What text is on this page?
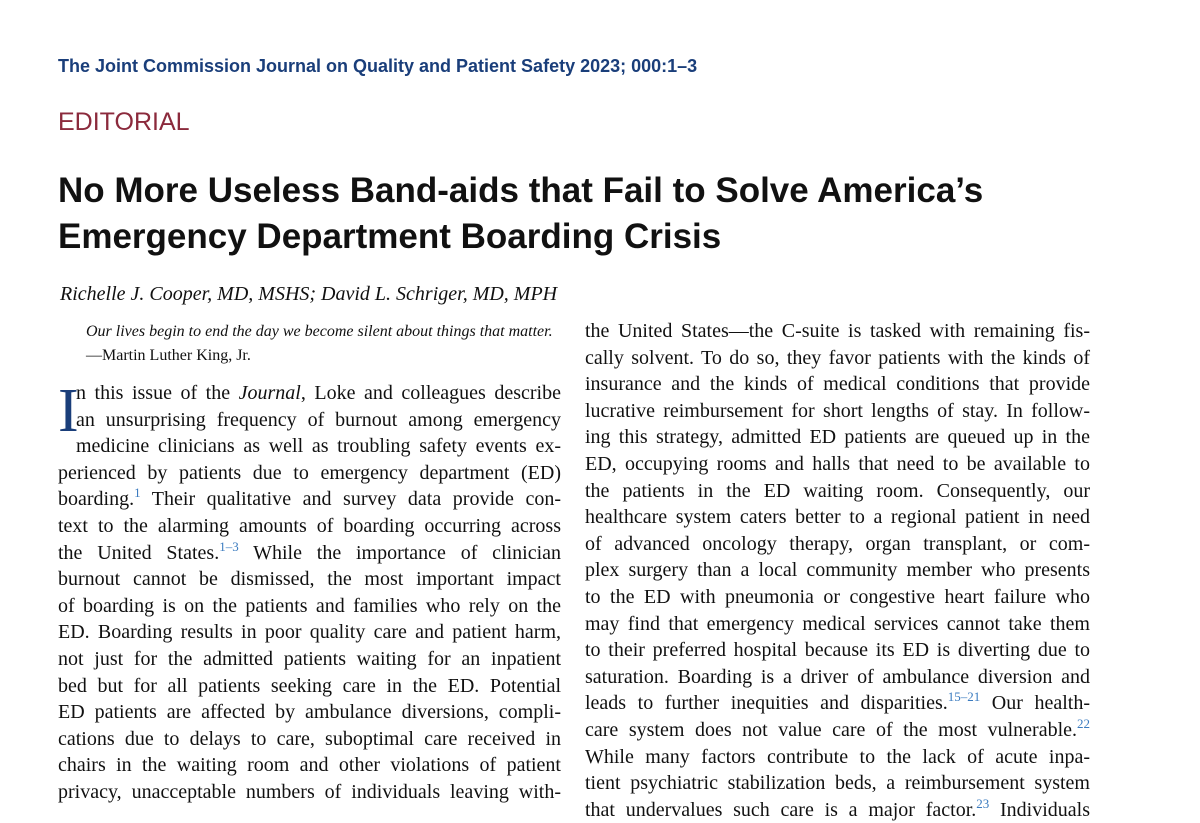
The Joint Commission Journal on Quality and Patient Safety 2023; 000:1–3
EDITORIAL
No More Useless Band-aids that Fail to Solve America’s Emergency Department Boarding Crisis
Richelle J. Cooper, MD, MSHS; David L. Schriger, MD, MPH
Our lives begin to end the day we become silent about things that matter. —Martin Luther King, Jr.
I
n this issue of the Journal, Loke and colleagues describe
an unsurprising frequency of burnout among emergency
medicine clinicians as well as troubling safety events ex-
perienced by patients due to emergency department (ED)
boarding.$^1$ Their qualitative and survey data provide con-
text to the alarming amounts of boarding occurring across
the United States.$^{1-3}$ While the importance of clinician
burnout cannot be dismissed, the most important impact
of boarding is on the patients and families who rely on the
ED. Boarding results in poor quality care and patient harm,
not just for the admitted patients waiting for an inpatient
bed but for all patients seeking care in the ED. Potential
ED patients are affected by ambulance diversions, compli-
cations due to delays to care, suboptimal care received in
chairs in the waiting room and other violations of patient
privacy, unacceptable numbers of individuals leaving with-
the United States—the C-suite is tasked with remaining fis-
cally solvent. To do so, they favor patients with the kinds of
insurance and the kinds of medical conditions that provide
lucrative reimbursement for short lengths of stay. In follow-
ing this strategy, admitted ED patients are queued up in the
ED, occupying rooms and halls that need to be available to
the patients in the ED waiting room. Consequently, our
healthcare system caters better to a regional patient in need
of advanced oncology therapy, organ transplant, or com-
plex surgery than a local community member who presents
to the ED with pneumonia or congestive heart failure who
may find that emergency medical services cannot take them
to their preferred hospital because its ED is diverting due to
saturation. Boarding is a driver of ambulance diversion and
leads to further inequities and disparities.$^{15-21}$ Our health-
care system does not value care of the most vulnerable.$^{22}$
While many factors contribute to the lack of acute inpa-
tient psychiatric stabilization beds, a reimbursement system
that undervalues such care is a major factor.$^{23}$ Individuals
